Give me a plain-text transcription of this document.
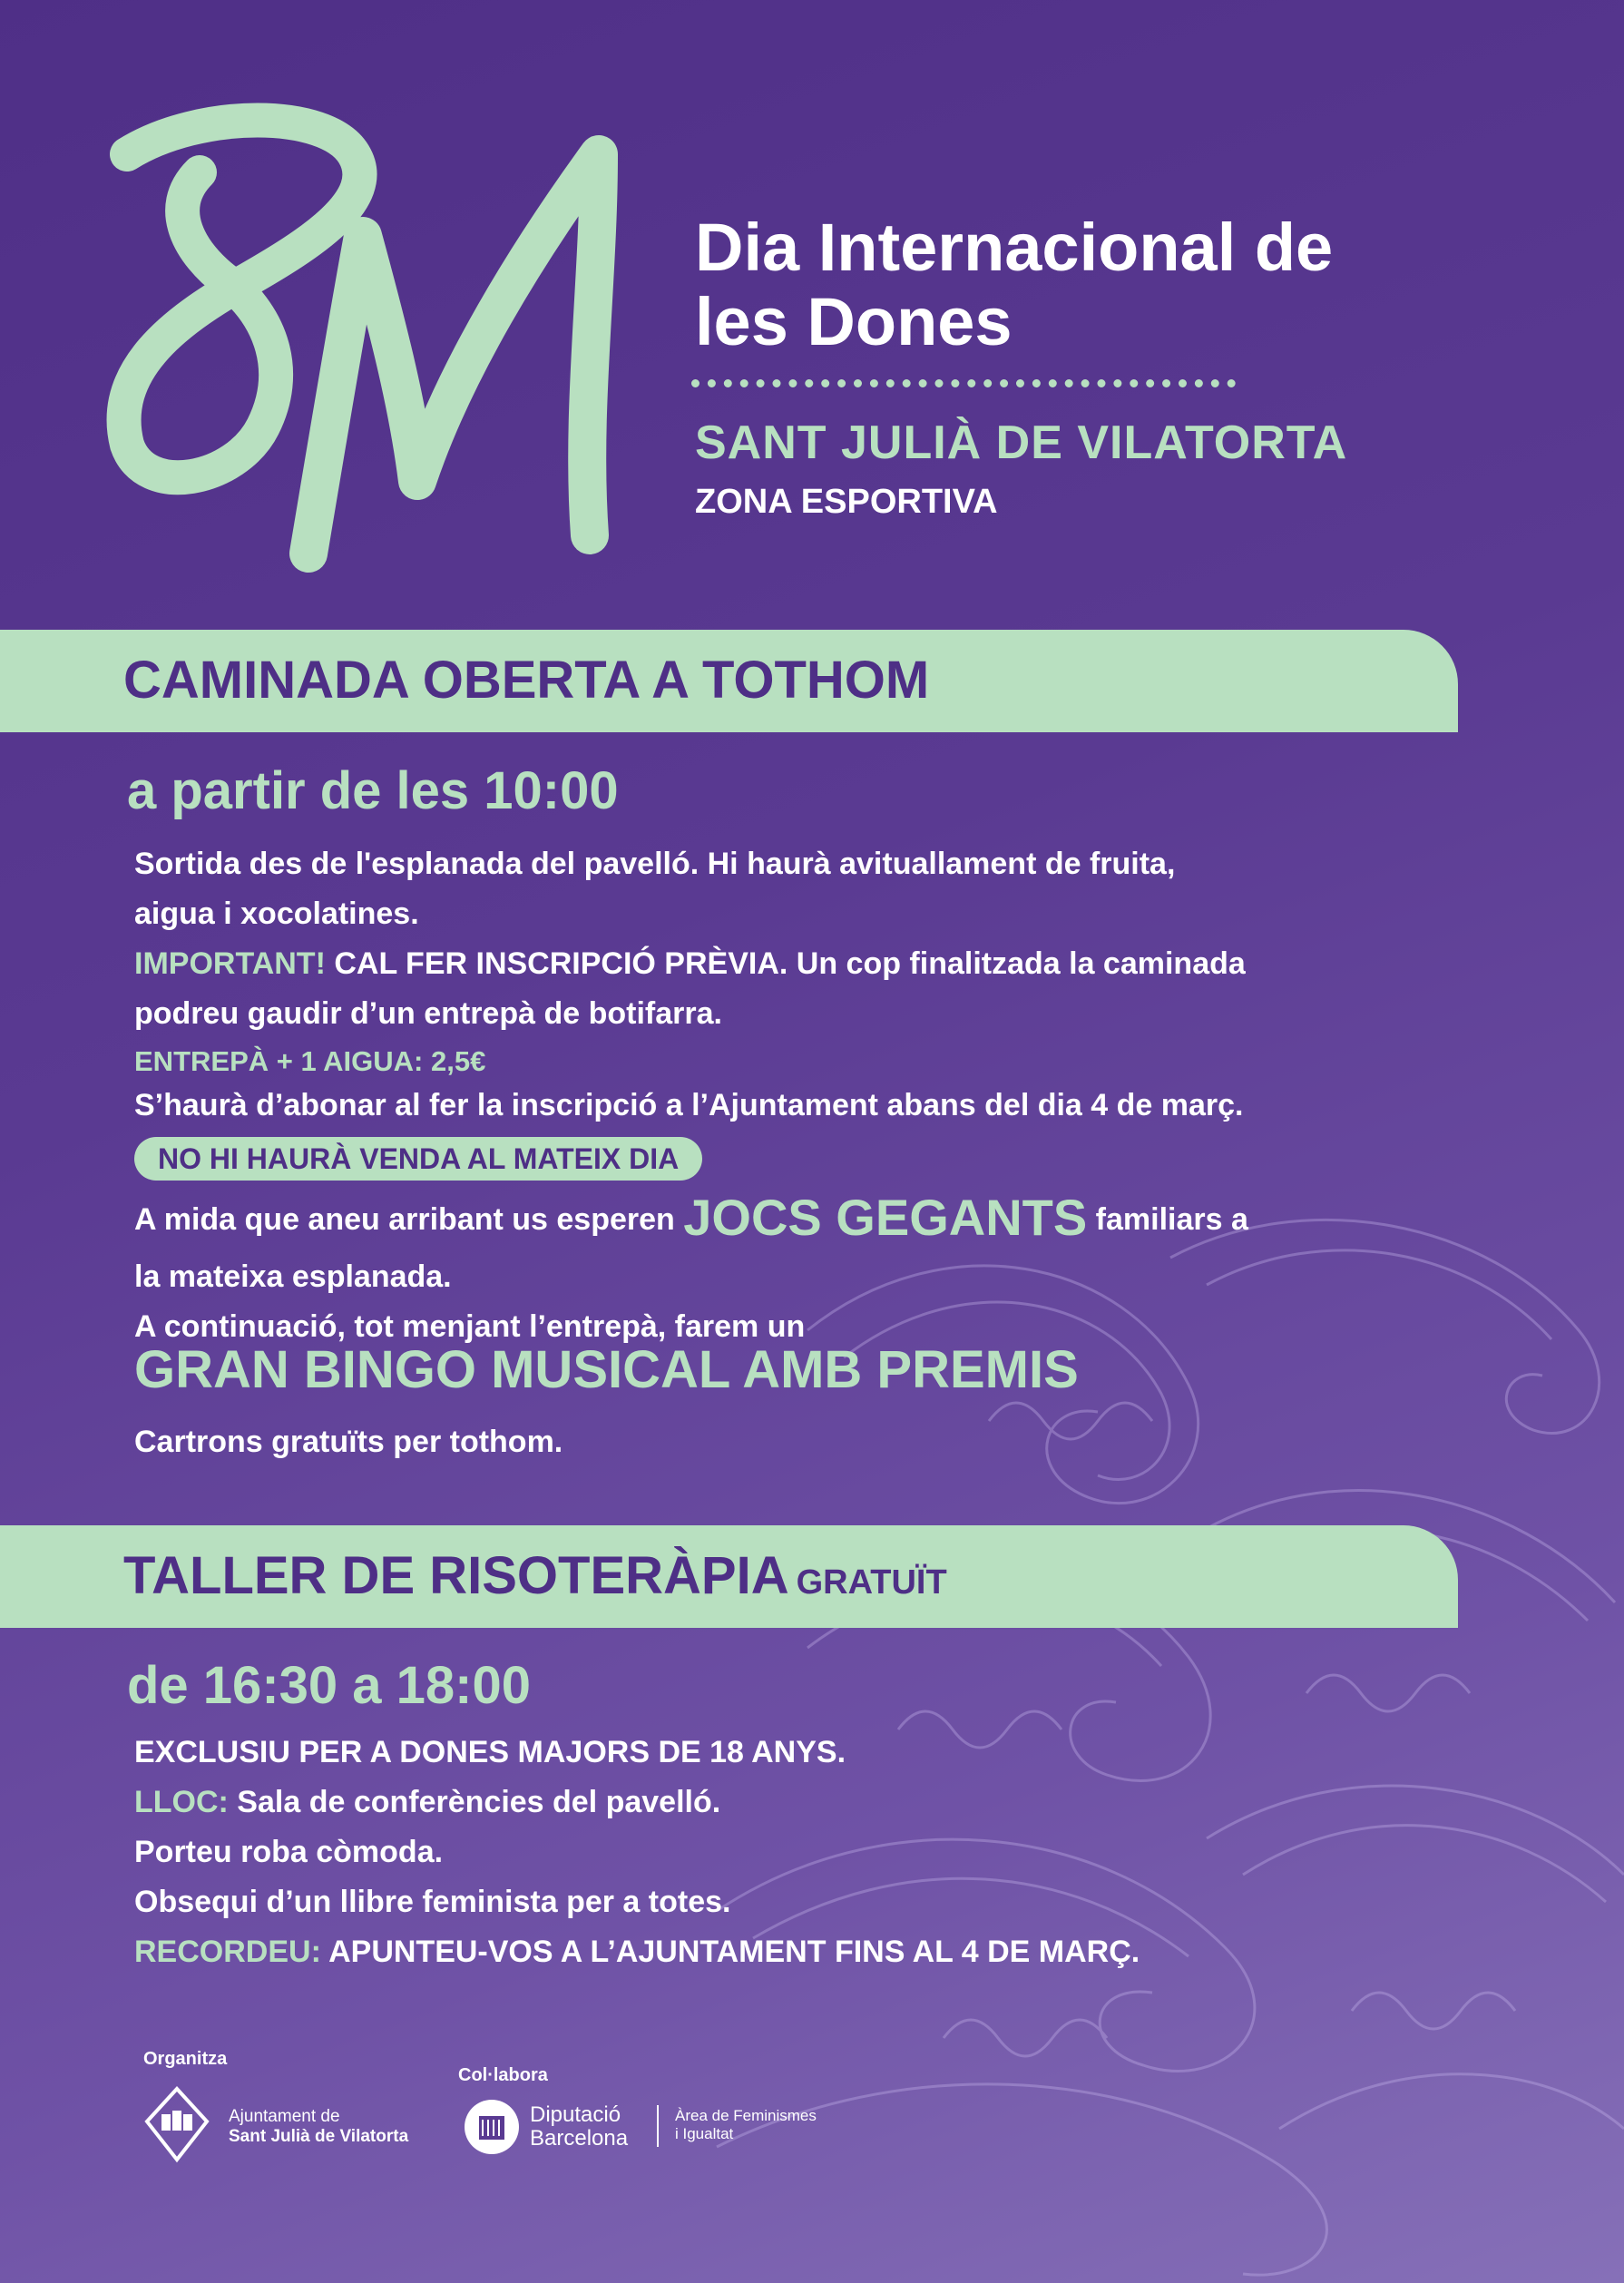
8M
Dia Internacional de
les Dones
SANT JULIÀ DE VILATORTA
ZONA ESPORTIVA
CAMINADA OBERTA A TOTHOM
a partir de les 10:00
Sortida des de l'esplanada del pavelló. Hi haurà avituallament de fruita,
aigua i xocolatines.
IMPORTANT! CAL FER INSCRIPCIÓ PRÈVIA. Un cop finalitzada la caminada
podreu gaudir d’un entrepà de botifarra.
ENTREPÀ + 1 AIGUA: 2,5€
S’haurà d’abonar al fer la inscripció a l’Ajuntament abans del dia 4 de març.
NO HI HAURÀ VENDA AL MATEIX DIA
A mida que aneu arribant us esperen JOCS GEGANTS familiars a
la mateixa esplanada.
A continuació, tot menjant l’entrepà, farem un
GRAN BINGO MUSICAL AMB PREMIS
Cartrons gratuïts per tothom.
TALLER DE RISOTERÀPIA GRATUÏT
de 16:30 a 18:00
EXCLUSIU PER A DONES MAJORS DE 18 ANYS.
LLOC: Sala de conferències del pavelló.
Porteu roba còmoda.
Obsequi d’un llibre feminista per a totes.
RECORDEU: APUNTEU-VOS A L’AJUNTAMENT FINS AL 4 DE MARÇ.
Organitza
Ajuntament de
Sant Julià de Vilatorta
Col·labora
Diputació
Barcelona
Àrea de Feminismes
i Igualtat
